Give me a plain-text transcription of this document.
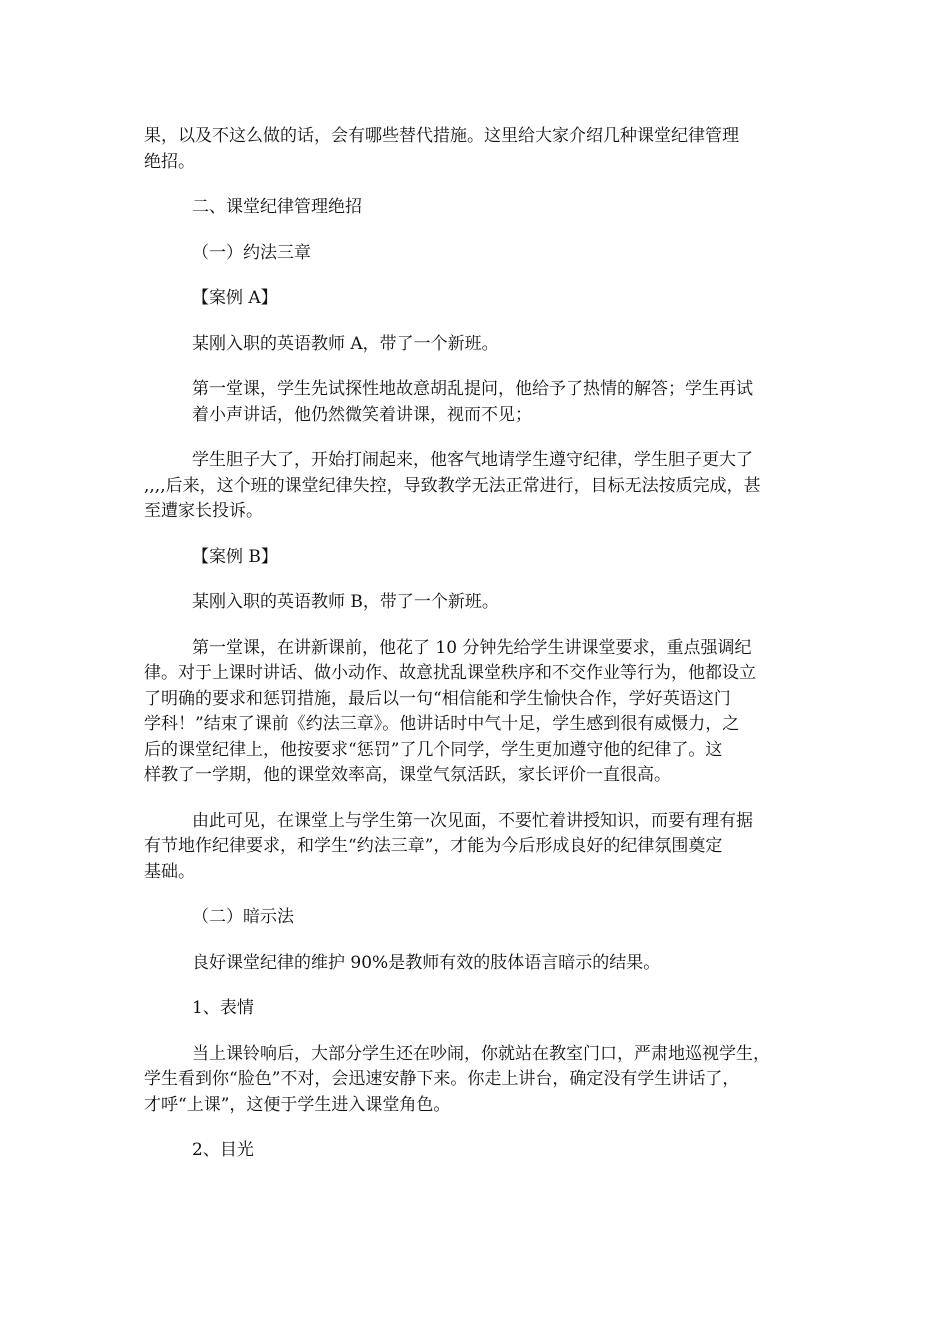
果，以及不这么做的话，会有哪些替代措施。这里给大家介绍几种课堂纪律管理
绝招。

二、课堂纪律管理绝招

（一）约法三章

【案例 A】

某刚入职的英语教师 A，带了一个新班。

第一堂课，学生先试探性地故意胡乱提问，他给予了热情的解答；学生再试
着小声讲话，他仍然微笑着讲课，视而不见；

学生胆子大了，开始打闹起来，他客气地请学生遵守纪律，学生胆子更大了
,,,,后来，这个班的课堂纪律失控，导致教学无法正常进行，目标无法按质完成，甚
至遭家长投诉。

【案例 B】

某刚入职的英语教师 B，带了一个新班。

第一堂课，在讲新课前，他花了 10 分钟先给学生讲课堂要求，重点强调纪
律。对于上课时讲话、做小动作、故意扰乱课堂秩序和不交作业等行为，他都设立
了明确的要求和惩罚措施，最后以一句“相信能和学生愉快合作，学好英语这门
学科！”结束了课前《约法三章》。他讲话时中气十足，学生感到很有威慑力，之
后的课堂纪律上，他按要求“惩罚”了几个同学，学生更加遵守他的纪律了。这
样教了一学期，他的课堂效率高，课堂气氛活跃，家长评价一直很高。

由此可见，在课堂上与学生第一次见面，不要忙着讲授知识，而要有理有据
有节地作纪律要求，和学生“约法三章”，才能为今后形成良好的纪律氛围奠定
基础。

（二）暗示法

良好课堂纪律的维护 90%是教师有效的肢体语言暗示的结果。

1、表情

当上课铃响后，大部分学生还在吵闹，你就站在教室门口，严肃地巡视学生，
学生看到你“脸色”不对，会迅速安静下来。你走上讲台，确定没有学生讲话了，
才呼“上课”，这便于学生进入课堂角色。

2、目光
